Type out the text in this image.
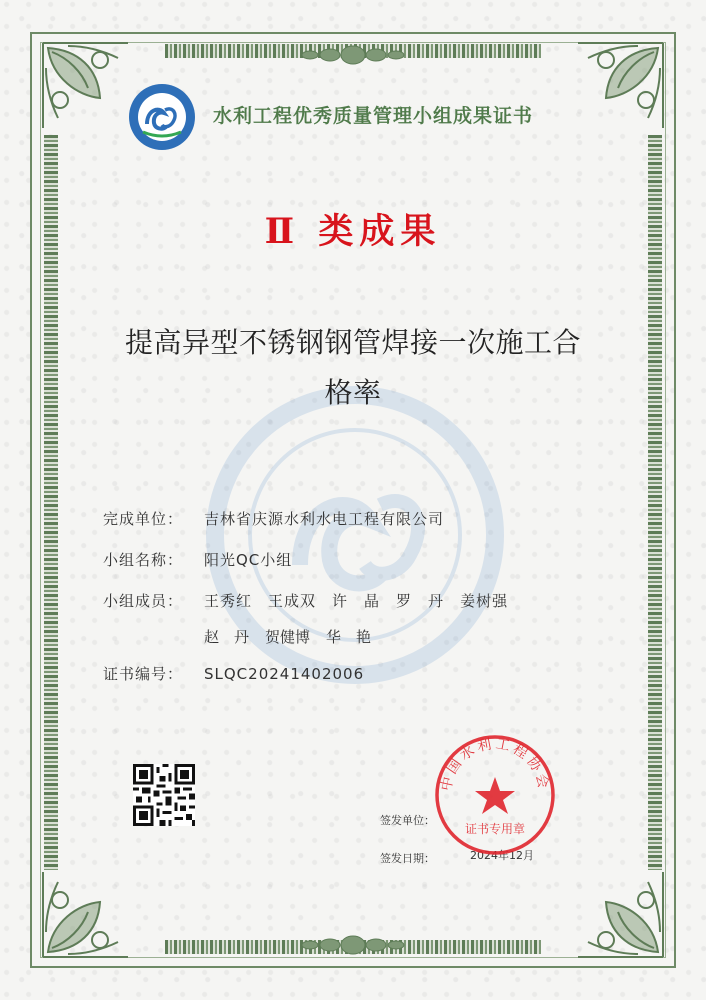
水利工程优秀质量管理小组成果证书
Ⅱ 类成果
提高异型不锈钢钢管焊接一次施工合
格率
完成单位： 吉林省庆源水利水电工程有限公司
小组名称： 阳光QC小组
小组成员： 王秀红 王成双 许　晶 罗　丹 姜树强
赵　丹 贺健博 华　艳
证书编号： SLQC20241402006
签发单位：
签发日期：	2024年12月
中国水利工程协会
证书专用章
